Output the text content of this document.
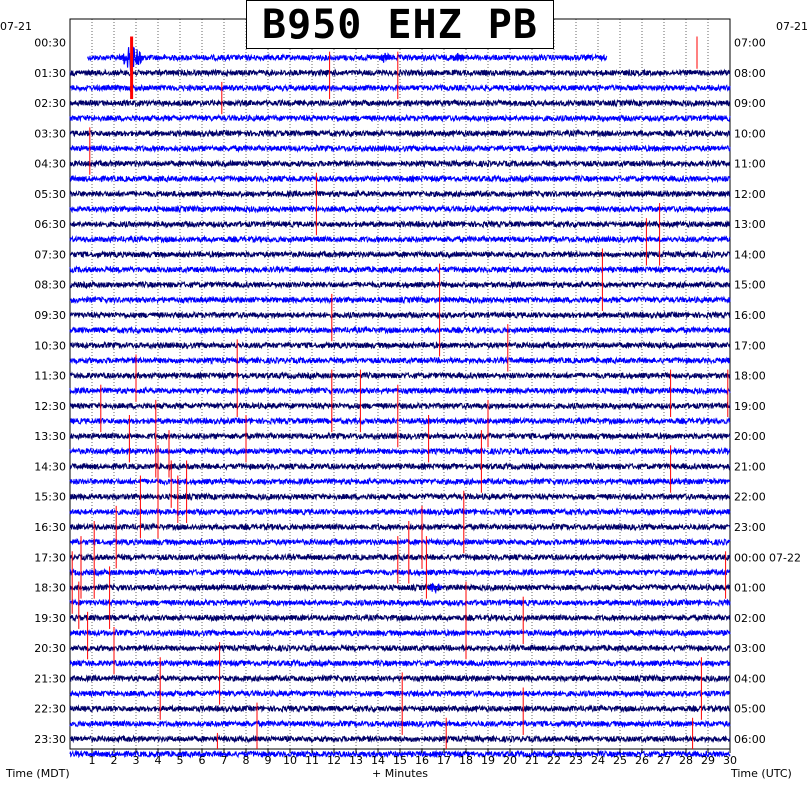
1 2 3 4 5 6 7 8 9 10 11 12 13 14 15 16 17 18 19 20 21 22 23 24 25 26 27 28 29 30
00:30
01:30
02:30
03:30
04:30
05:30
06:30
07:30
08:30
09:30
10:30
11:30
12:30
13:30
14:30
15:30
16:30
17:30
18:30
19:30
20:30
21:30
22:30
23:30
07:00
08:00
09:00
10:00
11:00
12:00
13:00
14:00
15:00
16:00
17:00
18:00
19:00
20:00
21:00
22:00
23:00
00:00 07-22
01:00
02:00
03:00
04:00
05:00
06:00
B950 EHZ PB
07-21	07-21
Time (MDT)	+ Minutes	Time (UTC)
